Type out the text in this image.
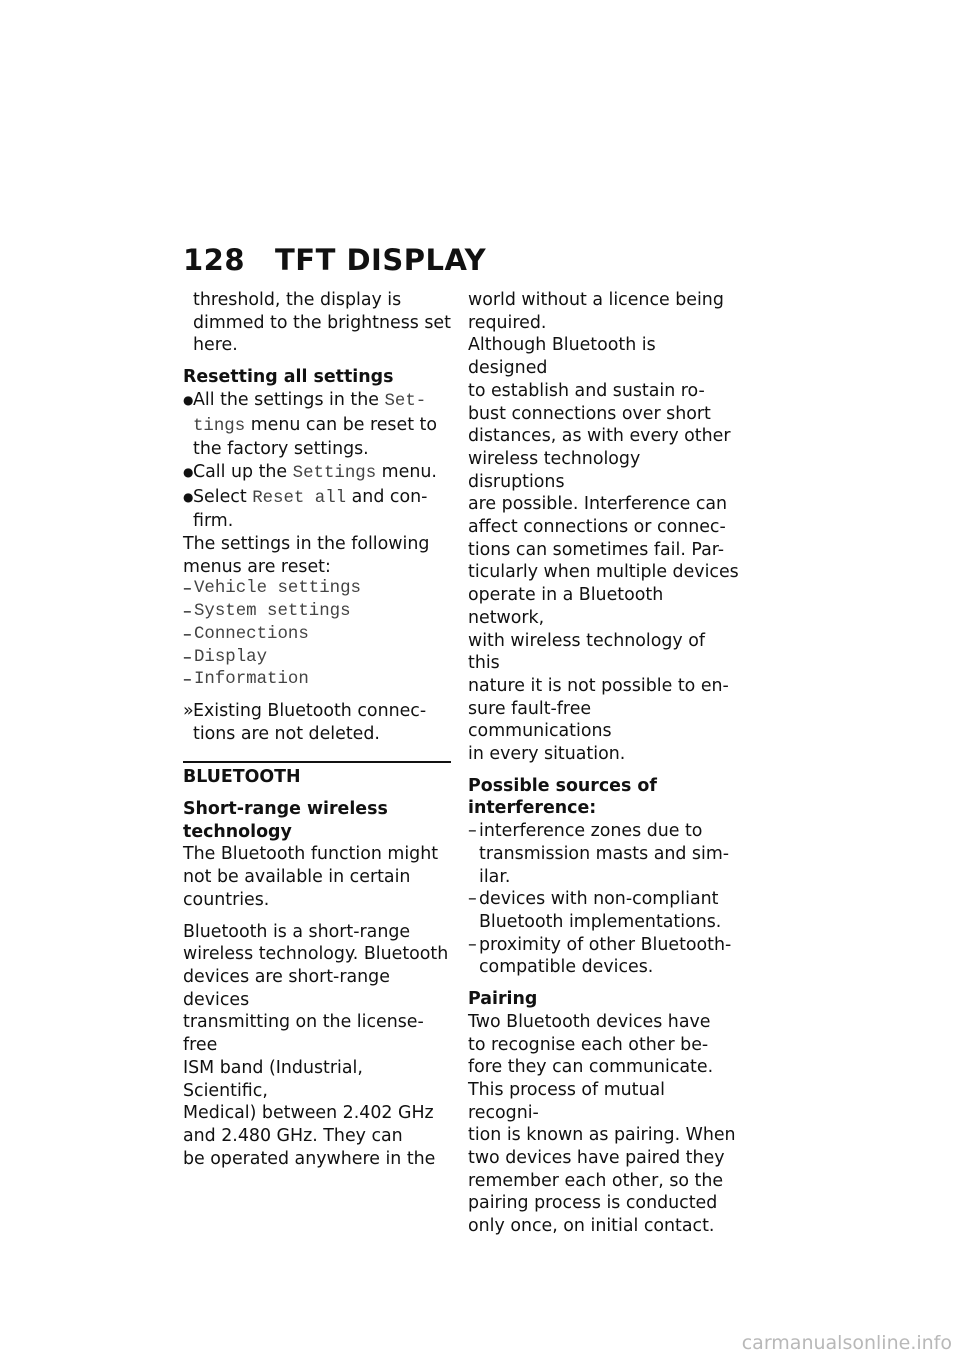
128 TFT DISPLAY

threshold, the display is

dimmed to the brightness set

here.

Resetting all settings

● All the settings in the Set-

tings menu can be reset to

the factory settings.

● Call up the Settings menu.

● Select Reset all and con-

firm.

The settings in the following

menus are reset:

– Vehicle settings
– System settings
– Connections
– Display
– Information
» Existing Bluetooth connec-

tions are not deleted.

BLUETOOTH

Short-range wireless

technology

The Bluetooth function might

not be available in certain

countries.

Bluetooth is a short-range

wireless technology. Bluetooth

devices are short-range devices

transmitting on the license-free

ISM band (Industrial, Scientific,

Medical) between 2.402 GHz

and 2.480 GHz. They can

be operated anywhere in the

world without a licence being

required.

Although Bluetooth is designed

to establish and sustain ro-

bust connections over short

distances, as with every other

wireless technology disruptions

are possible. Interference can

affect connections or connec-

tions can sometimes fail. Par-

ticularly when multiple devices

operate in a Bluetooth network,

with wireless technology of this

nature it is not possible to en-

sure fault-free communications

in every situation.

Possible sources of

interference:

– interference zones due to

transmission masts and sim-

ilar.

– devices with non-compliant

Bluetooth implementations.

– proximity of other Bluetooth-

compatible devices.

Pairing

Two Bluetooth devices have

to recognise each other be-

fore they can communicate.

This process of mutual recogni-

tion is known as pairing. When

two devices have paired they

remember each other, so the

pairing process is conducted

only once, on initial contact.

carmanualsonline.info
